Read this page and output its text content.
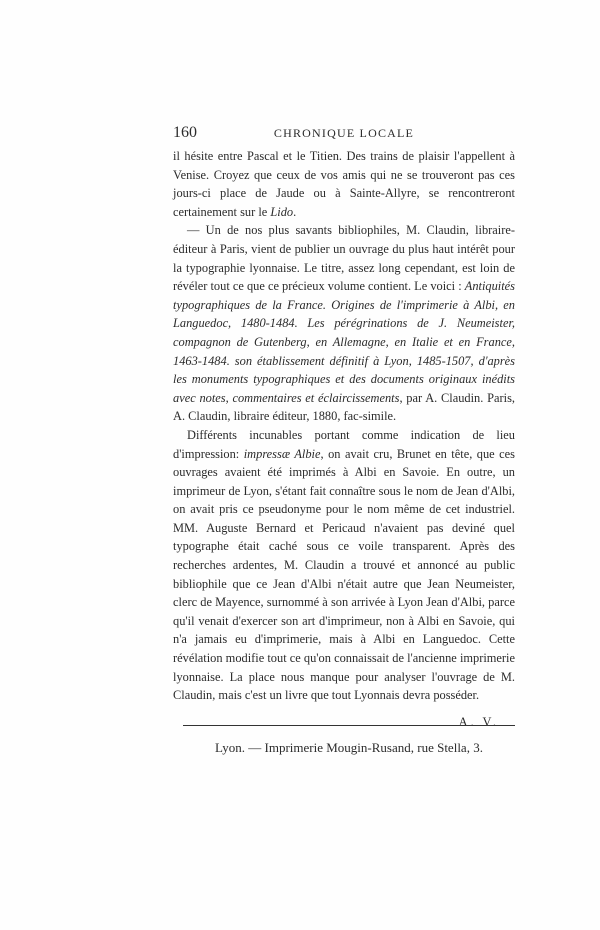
160	CHRONIQUE LOCALE

il hésite entre Pascal et le Titien. Des trains de plaisir l'appellent à Venise. Croyez que ceux de vos amis qui ne se trouveront pas ces jours-ci place de Jaude ou à Sainte-Allyre, se rencontreront certainement sur le Lido.

— Un de nos plus savants bibliophiles, M. Claudin, libraire-éditeur à Paris, vient de publier un ouvrage du plus haut intérêt pour la typographie lyonnaise. Le titre, assez long cependant, est loin de révéler tout ce que ce précieux volume contient. Le voici : Antiquités typographiques de la France. Origines de l'imprimerie à Albi, en Languedoc, 1480-1484. Les pérégrinations de J. Neumeister, compagnon de Gutenberg, en Allemagne, en Italie et en France, 1463-1484. son établissement définitif à Lyon, 1485-1507, d'après les monuments typographiques et des documents originaux inédits avec notes, commentaires et éclaircissements, par A. Claudin. Paris, A. Claudin, libraire éditeur, 1880, fac-simile.

Différents incunables portant comme indication de lieu d'impression: impressæ Albie, on avait cru, Brunet en tête, que ces ouvrages avaient été imprimés à Albi en Savoie. En outre, un imprimeur de Lyon, s'étant fait connaître sous le nom de Jean d'Albi, on avait pris ce pseudonyme pour le nom même de cet industriel. MM. Auguste Bernard et Pericaud n'avaient pas deviné quel typographe était caché sous ce voile transparent. Après des recherches ardentes, M. Claudin a trouvé et annoncé au public bibliophile que ce Jean d'Albi n'était autre que Jean Neumeister, clerc de Mayence, surnommé à son arrivée à Lyon Jean d'Albi, parce qu'il venait d'exercer son art d'imprimeur, non à Albi en Savoie, qui n'a jamais eu d'imprimerie, mais à Albi en Languedoc. Cette révélation modifie tout ce qu'on connaissait de l'ancienne imprimerie lyonnaise. La place nous manque pour analyser l'ouvrage de M. Claudin, mais c'est un livre que tout Lyonnais devra posséder.

A. V.
Lyon. — Imprimerie Mougin-Rusand, rue Stella, 3.
